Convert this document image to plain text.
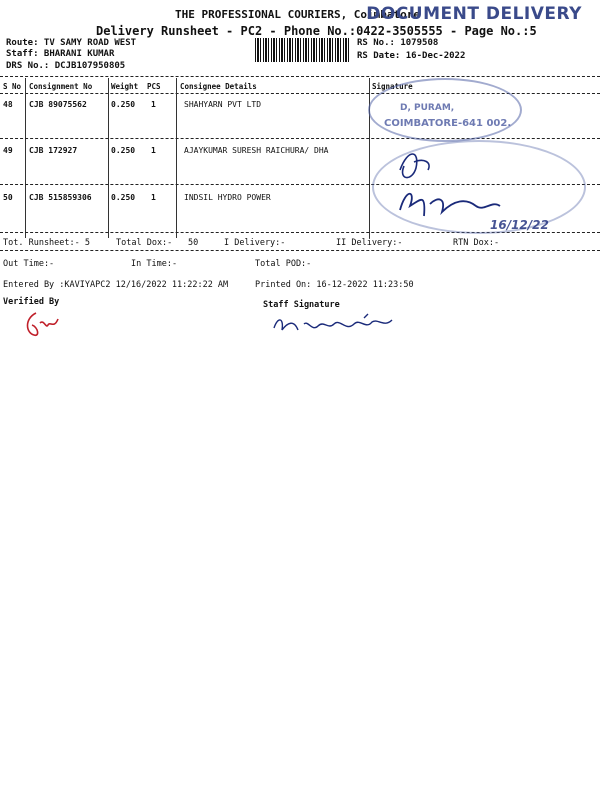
THE PROFESSIONAL COURIERS, Coimbatore
DOCUMENT DELIVERY
Delivery Runsheet - PC2 - Phone No.:0422-3505555 - Page No.:5
Route: TV SAMY ROAD WEST
Staff: BHARANI KUMAR
DRS No.: DCJB107950805
RS No.: 1079508
RS Date: 16-Dec-2022
S No Consignment No	Weight PCS	Consignee Details	Signature
48 CJB 89075562	0.250 1	SHAHYARN PVT LTD
49 CJB 172927	0.250 1	AJAYKUMAR SURESH RAICHURA/ DHA
50 CJB 515859306 0.250 1	INDSIL HYDRO POWER
D, PURAM,
COIMBATORE-641 002.
16/12/22
Tot. Runsheet:- 5	Total Dox:- 50	I Delivery:-	II Delivery:-	RTN Dox:-
Out Time:-	In Time:-	Total POD:-
Entered By :KAVIYAPC2 12/16/2022 11:22:22 AM	Printed On: 16-12-2022 11:23:50
Verified By	Staff Signature
